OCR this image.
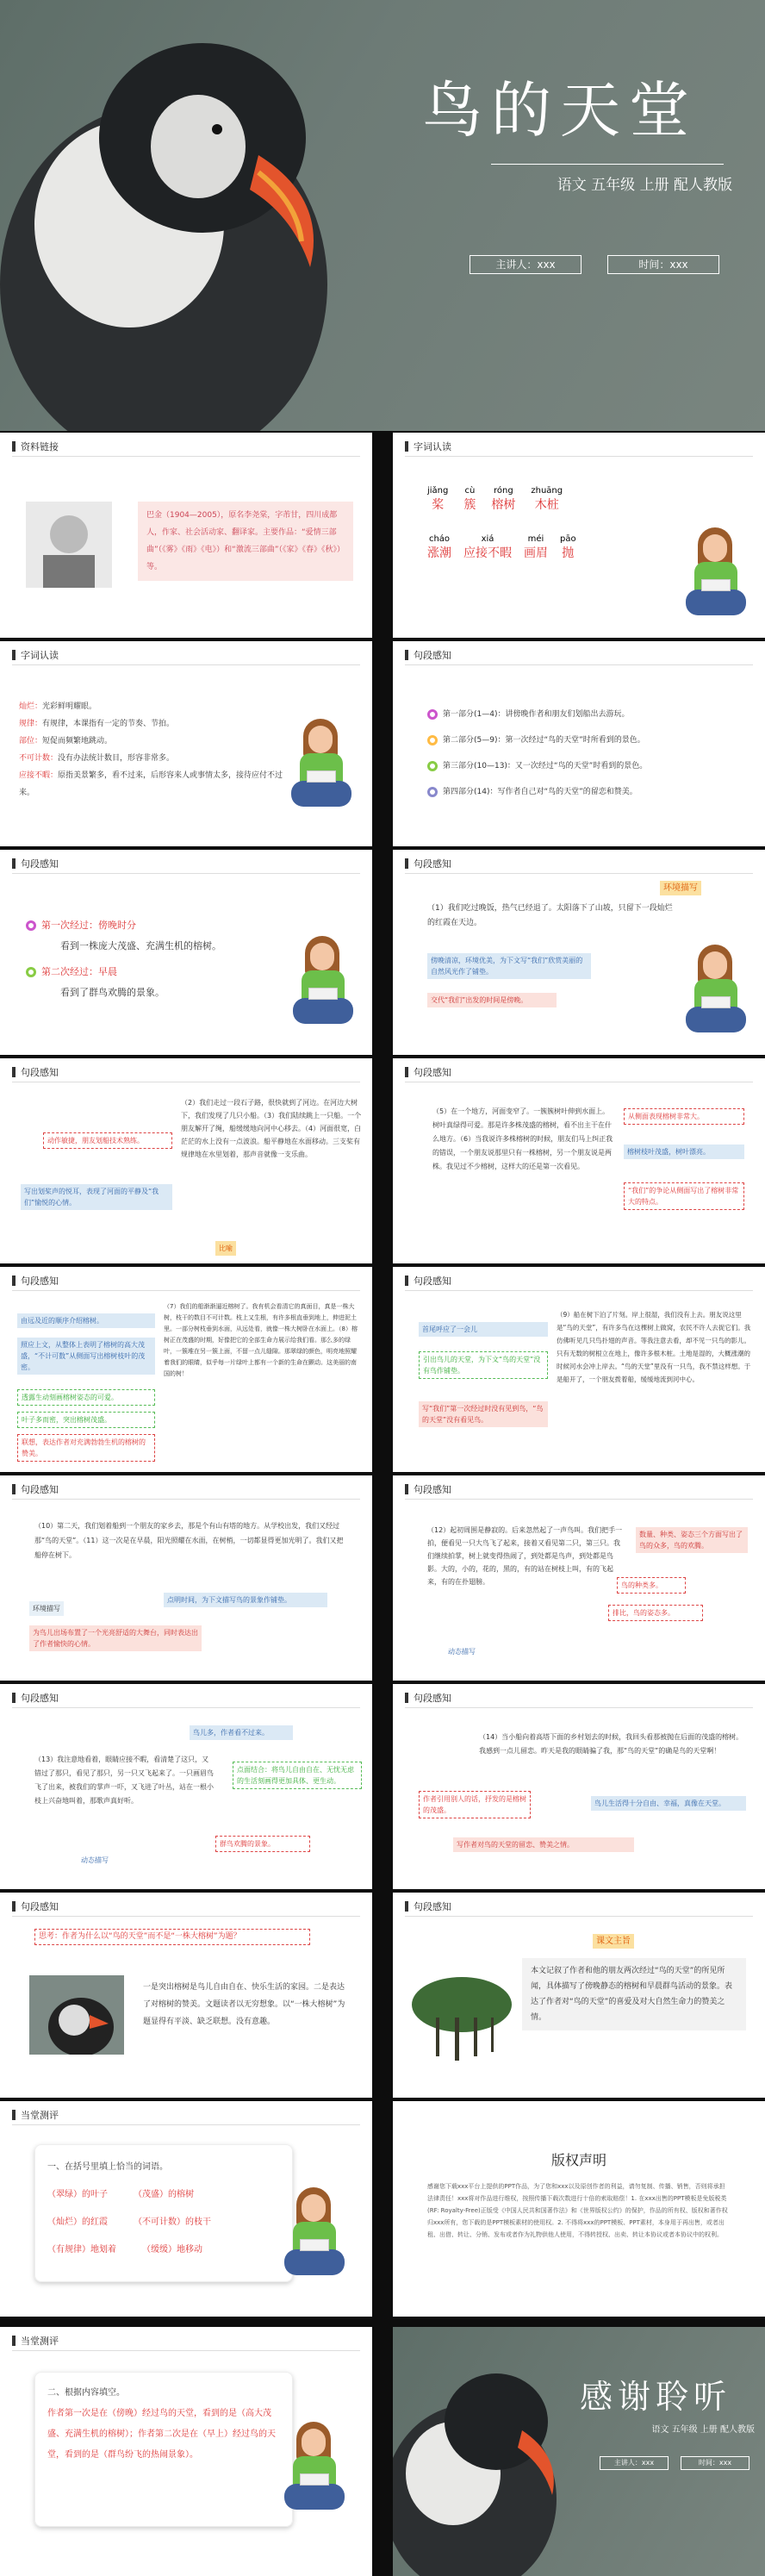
鸟的天堂
语文 五年级 上册 配人教版
主讲人：xxx	时间：xxx
资料链接
巴金（1904—2005），原名李尧棠，字芾甘，四川成都人，作家、社会活动家、翻译家。主要作品：“爱情三部曲”（《雾》《雨》《电》）和“激流三部曲”（《家》《春》《秋》）等。
字词认读
jiǎng
桨
cù
簇
róng
榕树
zhuāng
木桩
cháo
涨潮
xiá
应接不暇
méi
画眉
pāo
抛
字词认读
灿烂：光彩鲜明耀眼。
规律：有规律，本课指有一定的节奏、节拍。
部位：短促而频繁地跳动。
不可计数：没有办法统计数目，形容非常多。
应接不暇：原指美景繁多，看不过来，后形容来人或事情太多，接待应付不过来。
句段感知
第一部分(1—4)：讲傍晚作者和朋友们划船出去游玩。
第二部分(5—9)：第一次经过“鸟的天堂”时所看到的景色。
第三部分(10—13)：又一次经过“鸟的天堂”时看到的景色。
第四部分(14)：写作者自己对“鸟的天堂”的留恋和赞美。
句段感知
第一次经过：傍晚时分
看到一株庞大茂盛、充满生机的榕树。
第二次经过：早晨
看到了群鸟欢腾的景象。
句段感知
环境描写
（1）我们吃过晚饭，热气已经退了。太阳落下了山坡，只留下一段灿烂的红霞在天边。
傍晚清凉，环境优美，为下文写“我们”欣赏美丽的自然风光作了铺垫。
交代“我们”出发的时间是傍晚。
句段感知
（2）我们走过一段石子路，很快就到了河边。在河边大树下，我们发现了几只小船。（3）我们陆续跳上一只船。一个朋友解开了绳，船缓缓地向河中心移去。（4）河面很宽，白茫茫的水上没有一点波浪。船平静地在水面移动。三支桨有规律地在水里划着，那声音就像一支乐曲。
动作敏捷，朋友划船技术熟练。
写出划桨声的悦耳，表现了河面的平静及“我们”愉悦的心情。
比喻
句段感知
（5）在一个地方，河面变窄了。一簇簇树叶伸到水面上。树叶真绿得可爱。那是许多株茂盛的榕树，看不出主干在什么地方。（6）当我说许多株榕树的时候，朋友们马上纠正我的错误，一个朋友说那里只有一株榕树，另一个朋友说是两株。我见过不少榕树，这样大的还是第一次看见。
从侧面表现榕树非常大。
榕树枝叶茂盛，树叶漂亮。
“我们”的争论从侧面写出了榕树非常大的特点。
句段感知
（7）我们的船渐渐逼近榕树了。我有机会看清它的真面目，真是一株大树，枝干的数目不可计数。枝上又生根，有许多根直垂到地上，伸进泥土里。一部分树枝垂到水面，从远处看，就像一株大树卧在水面上。（8）榕树正在茂盛的时期，好像把它的全部生命力展示给我们看。那么多的绿叶，一簇堆在另一簇上面，不留一点儿缝隙。那翠绿的颜色，明亮地照耀着我们的眼睛，似乎每一片绿叶上都有一个新的生命在颤动。这美丽的南国的树！
由远及近的顺序介绍榕树。
照应上文，从整体上表明了榕树的高大茂盛，“不计可数”从侧面写出榕树枝叶的茂密。
透露生动刻画榕树姿态的可爱。
叶子多而密，突出榕树茂盛。
联想，表达作者对充满勃勃生机的榕树的赞美。
句段感知
（9）船在树下泊了片刻。岸上很湿，我们没有上去。朋友说这里是“鸟的天堂”，有许多鸟在这棵树上做窝，农民不许人去捉它们。我仿佛听见几只鸟扑翅的声音。等我注意去看，却不见一只鸟的影儿。只有无数的树根立在地上，像许多根木桩。土地是湿的，大概涨潮的时候河水会冲上岸去。“鸟的天堂”里没有一只鸟，我不禁这样想。于是船开了，一个朋友拨着船，缓缓地流到河中心。
首尾呼应了一会儿
引出鸟儿的天堂，为下文“鸟的天堂”没有鸟作铺垫。
写“我们”第一次经过时没有见到鸟，“鸟的天堂”没有看见鸟。
句段感知
（10）第二天，我们划着船到一个朋友的家乡去，那是个有山有塔的地方。从学校出发，我们又经过那“鸟的天堂”。（11）这一次是在早晨，阳光照耀在水面，在树梢，一切都显得更加光明了。我们又把船停在树下。
环境描写
点明时间，为下文描写鸟的景象作铺垫。
为鸟儿出场布置了一个光亮舒适的大舞台，同时表达出了作者愉快的心情。
句段感知
（12）起初周围是静寂的。后来忽然起了一声鸟叫。我们把手一拍，便看见一只大鸟飞了起来，接着又看见第二只，第三只。我们继续拍掌，树上就变得热闹了，到处都是鸟声，到处都是鸟影。大的，小的，花的，黑的，有的站在树枝上叫，有的飞起来，有的在扑翅膀。
数量、种类、姿态三个方面写出了鸟的众多，鸟的欢腾。
鸟的种类多。
排比，鸟的姿态多。
动态描写
句段感知
（13）我注意地看着，眼睛应接不暇，看清楚了这只，又错过了那只，看见了那只，另一只又飞起来了。一只画眉鸟飞了出来，被我们的掌声一吓，又飞进了叶丛，站在一根小枝上兴奋地叫着，那歌声真好听。
鸟儿多，作者看不过来。
点面结合：将鸟儿自由自在、无忧无虑的生活刻画得更加具体、更生动。
群鸟欢腾的景象。
动态描写
句段感知
（14）当小船向着高塔下面的乡村划去的时候，我回头看那被抛在后面的茂盛的榕树。我感到一点儿留恋。昨天是我的眼睛骗了我，那“鸟的天堂”的确是鸟的天堂啊！
作者引用别人的话，抒发的是榕树的茂盛。
鸟儿生活得十分自由、幸福，真像在天堂。
写作者对鸟的天堂的留恋、赞美之情。
句段感知
思考：作者为什么以“鸟的天堂”而不是“一株大榕树”为题？
一是突出榕树是鸟儿自由自在、快乐生活的家园。二是表达了对榕树的赞美。文题读者以无穷想象。以“一株大榕树”为题显得有平淡、缺乏联想。没有意趣。
句段感知
课文主旨
本文记叙了作者和他的朋友两次经过“鸟的天堂”的所见所闻，具体描写了傍晚静态的榕树和早晨群鸟活动的景象。表达了作者对“鸟的天堂”的喜爱及对大自然生命力的赞美之情。
当堂测评
一、在括号里填上恰当的词语。
（翠绿）的叶子	（茂盛）的榕树
（灿烂）的红霞	（不可计数）的枝干
（有规律）地划着	（缓缓）地移动
版权声明
感谢您下载xxx平台上提供的PPT作品，为了您和xxx以及原创作者的利益，请勿复制、传播、销售，否则将承担法律责任！xxx将对作品进行维权，按照传播下载次数进行十倍的索取赔偿！1. 在xxx出售的PPT模板是免版税类(RF: Royalty-Free)正版受《中国人民共和国著作法》和《世界版权公约》的保护，作品的所有权、版权和著作权归xxx所有，您下载的是PPT模板素材的使用权。2. 不得将xxx的PPT模板、PPT素材，本身用于再出售，或者出租、出借、转让、分销、发布或者作为礼物供他人使用，不得转授权、出卖、转让本协议或者本协议中的权利。
当堂测评
二、根据内容填空。
作者第一次是在（傍晚）经过鸟的天堂，看到的是（高大茂盛、充满生机的榕树）；作者第二次是在（早上）经过鸟的天堂，看到的是（群鸟纷飞的热闹景象）。
感谢聆听
语文 五年级 上册 配人教版
主讲人：xxx	时间：xxx
